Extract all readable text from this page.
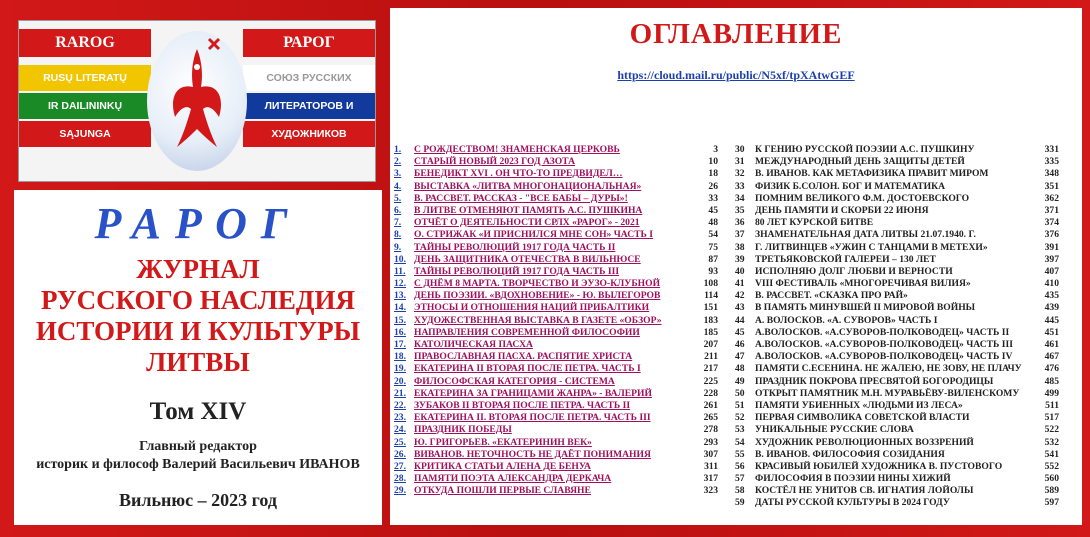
RAROG
RUSŲ LITERATŲ
IR DAILININKŲ
SĄJUNGA
РАРОГ
СОЮЗ РУССКИХ
ЛИТЕРАТОРОВ И
ХУДОЖНИКОВ
РАРОГ
ЖУРНАЛ
РУССКОГО НАСЛЕДИЯ
ИСТОРИИ И КУЛЬТУРЫ
ЛИТВЫ
Том XIV
Главный редактор
историк и философ Валерий Васильевич ИВАНОВ
Вильнюс – 2023 год
ОГЛАВЛЕНИЕ
https://cloud.mail.ru/public/N5xf/tpXAtwGEF
1.	С РОЖДЕСТВОМ! ЗНАМЕНСКАЯ ЦЕРКОВЬ	3
2.	СТАРЫЙ НОВЫЙ 2023 ГОД АЗОТА	10
3.	БЕНЕДИКТ XVI . ОН ЧТО-ТО ПРЕДВИДЕЛ…	18
4.	ВЫСТАВКА «ЛИТВА МНОГОНАЦИОНАЛЬНАЯ»	26
5.	В. РАССВЕТ. РАССКАЗ - "ВСЕ БАБЫ – ДУРЫ»!	33
6.	В ЛИТВЕ ОТМЕНЯЮТ ПАМЯТЬ А.С. ПУШКИНА	45
7.	ОТЧЁТ О ДЕЯТЕЛЬНОСТИ СРЛХ «РАРОГ» - 2021	48
8.	О. СТРИЖАК «И ПРИСНИЛСЯ МНЕ СОН» ЧАСТЬ I	54
9.	ТАЙНЫ РЕВОЛЮЦИЙ 1917 ГОДА ЧАСТЬ II	75
10. ДЕНЬ ЗАЩИТНИКА ОТЕЧЕСТВА В ВИЛЬНЮСЕ	87
11. ТАЙНЫ РЕВОЛЮЦИЙ 1917 ГОДА ЧАСТЬ III	93
12. С ДНЁМ 8 МАРТА. ТВОРЧЕСТВО И ЭУЗО-КЛУБНОЙ	108
13. ДЕНЬ ПОЭЗИИ. «ВДОХНОВЕНИЕ» - Ю. ВЫЛЕГОРОВ	114
14. ЭТНОСЫ И ОТНОШЕНИЯ НАЦИЙ ПРИБАЛТИКИ	151
15. ХУДОЖЕСТВЕННАЯ ВЫСТАВКА В ГАЗЕТЕ «ОБЗОР»	183
16. НАПРАВЛЕНИЯ СОВРЕМЕННОЙ ФИЛОСОФИИ	185
17. КАТОЛИЧЕСКАЯ ПАСХА	207
18. ПРАВОСЛАВНАЯ ПАСХА. РАСПЯТИЕ ХРИСТА	211
19. ЕКАТЕРИНА II ВТОРАЯ ПОСЛЕ ПЕТРА. ЧАСТЬ I	217
20. ФИЛОСОФСКАЯ КАТЕГОРИЯ - СИСТЕМА	225
21. ЕКАТЕРИНА ЗА ГРАНИЦАМИ ЖАНРА» - ВАЛЕРИЙ	228
22. ЗУБАКОВ II ВТОРАЯ ПОСЛЕ ПЕТРА. ЧАСТЬ II	261
23. ЕКАТЕРИНА II. ВТОРАЯ ПОСЛЕ ПЕТРА. ЧАСТЬ III	265
24. ПРАЗДНИК ПОБЕДЫ	278
25. Ю. ГРИГОРЬЕВ. «ЕКАТЕРИНИН ВЕК»	293
26. ВИВАНОВ. НЕТОЧНОСТЬ НЕ ДАЁТ ПОНИМАНИЯ	307
27. КРИТИКА СТАТЬИ АЛЕНА ДЕ БЕНУА	311
28. ПАМЯТИ ПОЭТА АЛЕКСАНДРА ДЕРКАЧА	317
29. ОТКУДА ПОШЛИ ПЕРВЫЕ СЛАВЯНЕ	323
30	К ГЕНИЮ РУССКОЙ ПОЭЗИИ А.С. ПУШКИНУ	331
31	МЕЖДУНАРОДНЫЙ ДЕНЬ ЗАЩИТЫ ДЕТЕЙ	335
32	В. ИВАНОВ. КАК МЕТАФИЗИКА ПРАВИТ МИРОМ	348
33	ФИЗИК Б.СОЛОН. БОГ И МАТЕМАТИКА	351
34	ПОМНИМ ВЕЛИКОГО Ф.М. ДОСТОЕВСКОГО	362
35	ДЕНЬ ПАМЯТИ И СКОРБИ 22 ИЮНЯ	371
36	80 ЛЕТ КУРСКОЙ БИТВЕ	374
37	ЗНАМЕНАТЕЛЬНАЯ ДАТА ЛИТВЫ 21.07.1940. Г.	376
38	Г. ЛИТВИНЦЕВ «УЖИН С ТАНЦАМИ В МЕТЕХИ»	391
39	ТРЕТЬЯКОВСКОЙ ГАЛЕРЕИ – 130 ЛЕТ	397
40	ИСПОЛНЯЮ ДОЛГ ЛЮБВИ И ВЕРНОСТИ	407
41	VIII ФЕСТИВАЛЬ «МНОГОРЕЧИВАЯ ВИЛИЯ»	410
42	В. РАССВЕТ. «СКАЗКА ПРО РАЙ»	435
43	В ПАМЯТЬ МИНУВШЕЙ II МИРОВОЙ ВОЙНЫ	439
44	А. ВОЛОСКОВ. «А. СУВОРОВ» ЧАСТЬ I	445
45	А.ВОЛОСКОВ. «А.СУВОРОВ-ПОЛКОВОДЕЦ» ЧАСТЬ II	451
46	А.ВОЛОСКОВ. «А.СУВОРОВ-ПОЛКОВОДЕЦ» ЧАСТЬ III	461
47	А.ВОЛОСКОВ. «А.СУВОРОВ-ПОЛКОВОДЕЦ» ЧАСТЬ IV	467
48	ПАМЯТИ С.ЕСЕНИНА. НЕ ЖАЛЕЮ, НЕ ЗОВУ, НЕ ПЛАЧУ	476
49	ПРАЗДНИК ПОКРОВА ПРЕСВЯТОЙ БОГОРОДИЦЫ	485
50	ОТКРЫТ ПАМЯТНИК М.Н. МУРАВЬЁВУ-ВИЛЕНСКОМУ	499
51	ПАМЯТИ УБИЕННЫХ «ЛЮДЬМИ ИЗ ЛЕСА»	511
52	ПЕРВАЯ СИМВОЛИКА СОВЕТСКОЙ ВЛАСТИ	517
53	УНИКАЛЬНЫЕ РУССКИЕ СЛОВА	522
54	ХУДОЖНИК РЕВОЛЮЦИОННЫХ ВОЗЗРЕНИЙ	532
55	В. ИВАНОВ. ФИЛОСОФИЯ СОЗИДАНИЯ	541
56	КРАСИВЫЙ ЮБИЛЕЙ ХУДОЖНИКА В. ПУСТОВОГО	552
57	ФИЛОСОФИЯ В ПОЭЗИИ НИНЫ ХИЖИЙ	560
58	КОСТЁЛ НЕ УНИТОВ СВ. ИГНАТИЯ ЛОЙОЛЫ	589
59	ДАТЫ РУССКОЙ КУЛЬТУРЫ В 2024 ГОДУ	597
